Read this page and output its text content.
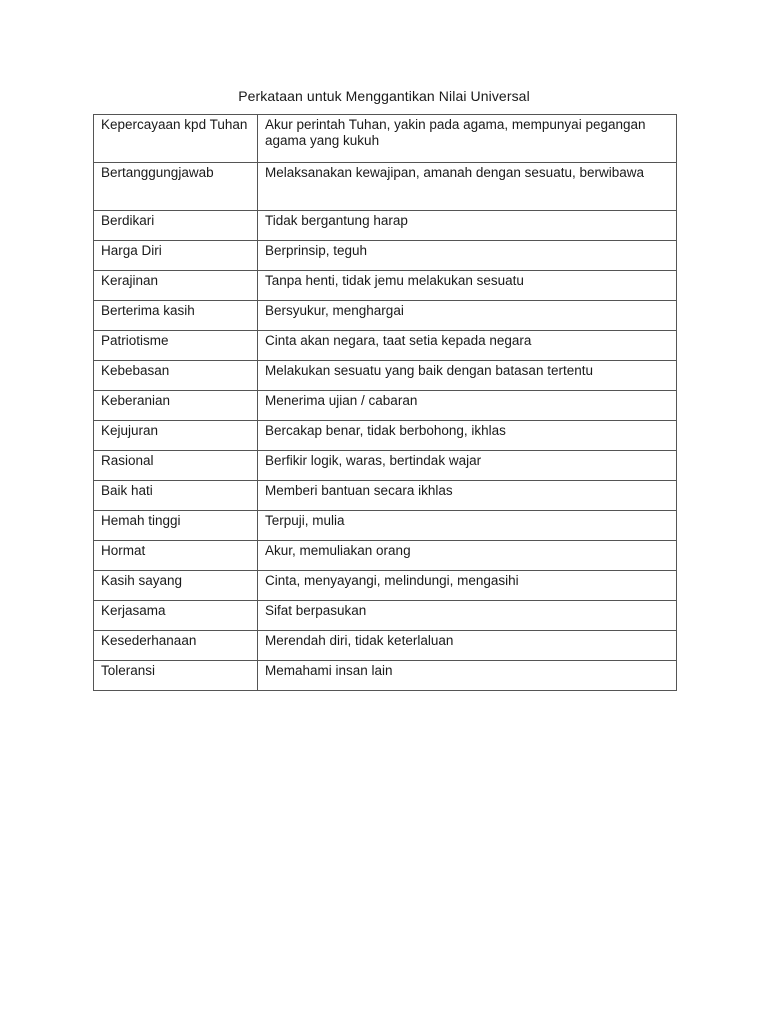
Perkataan untuk Menggantikan Nilai Universal
Kepercayaan kpd Tuhan	Akur perintah Tuhan, yakin pada agama, mempunyai pegangan agama yang kukuh
Bertanggungjawab	Melaksanakan kewajipan, amanah dengan sesuatu, berwibawa
Berdikari	Tidak bergantung harap
Harga Diri	Berprinsip, teguh
Kerajinan	Tanpa henti, tidak jemu melakukan sesuatu
Berterima kasih	Bersyukur, menghargai
Patriotisme	Cinta akan negara, taat setia kepada negara
Kebebasan	Melakukan sesuatu yang baik dengan batasan tertentu
Keberanian	Menerima ujian / cabaran
Kejujuran	Bercakap benar, tidak berbohong, ikhlas
Rasional	Berfikir logik, waras, bertindak wajar
Baik hati	Memberi bantuan secara ikhlas
Hemah tinggi	Terpuji, mulia
Hormat	Akur, memuliakan orang
Kasih sayang	Cinta, menyayangi, melindungi, mengasihi
Kerjasama	Sifat berpasukan
Kesederhanaan	Merendah diri, tidak keterlaluan
Toleransi	Memahami insan lain
